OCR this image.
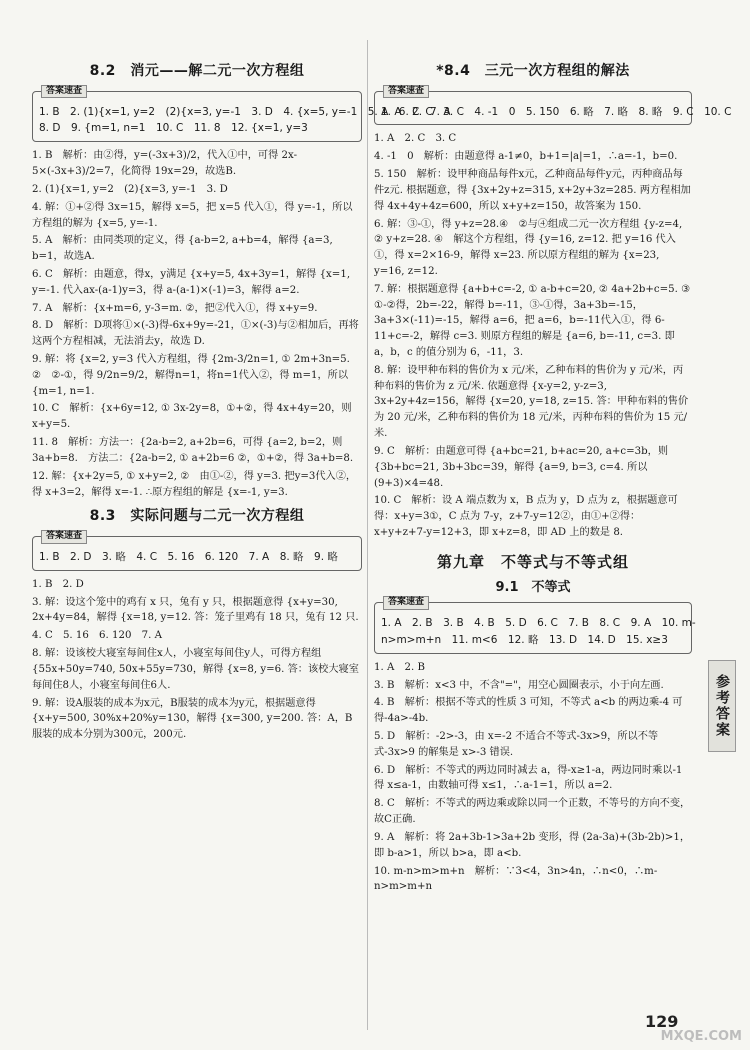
8.2　消元——解二元一次方程组
答案速查
1. B　2. (1){x=1, y=2　(2){x=3, y=-1　3. D　4. {x=5, y=-1　5. A　6. C　7. A
8. D　9. {m=1, n=1　10. C　11. 8　12. {x=1, y=3
1. B　解析：由②得，y=(-3x+3)/2，代入①中，可得 2x-5×(-3x+3)/2=7，化简得 19x=29，故选B.
2. (1){x=1, y=2　(2){x=3, y=-1　3. D
4. 解：①+②得 3x=15，解得 x=5，把 x=5 代入①，得 y=-1，所以方程组的解为 {x=5, y=-1.
5. A　解析：由同类项的定义，得 {a-b=2, a+b=4，解得 {a=3, b=1，故选A.
6. C　解析：由题意，得x，y满足 {x+y=5, 4x+3y=1，解得 {x=1, y=-1. 代入ax-(a-1)y=3，得 a-(a-1)×(-1)=3，解得 a=2.
7. A　解析：{x+m=6, y-3=m. ②，把②代入①，得 x+y=9.
8. D　解析：D项将①×(-3)得-6x+9y=-21，①×(-3)与②相加后，再将这两个方程相减，无法消去y，故选 D.
9. 解：将 {x=2, y=3 代入方程组，得 {2m-3/2n=1, ① 2m+3n=5. ②　②-①，得 9/2n=9/2，解得n=1，将n=1代入②，得 m=1，所以 {m=1, n=1.
10. C　解析：{x+6y=12, ① 3x-2y=8，①+②，得 4x+4y=20，则 x+y=5.
11. 8　解析：方法一：{2a-b=2, a+2b=6，可得 {a=2, b=2，则 3a+b=8.　方法二：{2a-b=2, ① a+2b=6 ②，①+②，得 3a+b=8.
12. 解：{x+2y=5, ① x+y=2, ②　由①-②，得 y=3. 把y=3代入②，得 x+3=2，解得 x=-1. ∴原方程组的解是 {x=-1, y=3.
8.3　实际问题与二元一次方程组
答案速查
1. B　2. D　3. 略　4. C　5. 16　6. 120　7. A　8. 略　9. 略
1. B　2. D
3. 解：设这个笼中的鸡有 x 只，兔有 y 只，根据题意得 {x+y=30, 2x+4y=84，解得 {x=18, y=12. 答：笼子里鸡有 18 只，兔有 12 只.
4. C　5. 16　6. 120　7. A
8. 解：设该校大寝室每间住x人，小寝室每间住y人，可得方程组 {55x+50y=740, 50x+55y=730，解得 {x=8, y=6. 答：该校大寝室每间住8人，小寝室每间住6人.
9. 解：设A服装的成本为x元，B服装的成本为y元，根据题意得 {x+y=500, 30%x+20%y=130，解得 {x=300, y=200. 答：A，B服装的成本分别为300元，200元.
*8.4　三元一次方程组的解法
答案速查
1. A　2. C　3. C　4. -1　0　5. 150　6. 略　7. 略　8. 略　9. C　10. C
1. A　2. C　3. C
4. -1　0　解析：由题意得 a-1≠0，b+1=|a|=1，∴a=-1，b=0.
5. 150　解析：设甲种商品每件x元，乙种商品每件y元，丙种商品每件z元. 根据题意，得 {3x+2y+z=315, x+2y+3z=285. 两方程相加得 4x+4y+4z=600，所以 x+y+z=150，故答案为 150.
6. 解：③-①，得 y+z=28.④　②与④组成二元一次方程组 {y-z=4, ② y+z=28. ④　解这个方程组，得 {y=16, z=12. 把 y=16 代入①，得 x=2×16-9，解得 x=23. 所以原方程组的解为 {x=23, y=16, z=12.
7. 解：根据题意得 {a+b+c=-2, ① a-b+c=20, ② 4a+2b+c=5. ③　①-②得，2b=-22，解得 b=-11，③-①得，3a+3b=-15，3a+3×(-11)=-15，解得 a=6，把 a=6，b=-11代入①，得 6-11+c=-2，解得 c=3. 则原方程组的解是 {a=6, b=-11, c=3. 即 a，b，c 的值分别为 6，-11，3.
8. 解：设甲种布料的售价为 x 元/米，乙种布料的售价为 y 元/米，丙种布料的售价为 z 元/米. 依题意得 {x-y=2, y-z=3, 3x+2y+4z=156，解得 {x=20, y=18, z=15. 答：甲种布料的售价为 20 元/米，乙种布料的售价为 18 元/米，丙种布料的售价为 15 元/米.
9. C　解析：由题意可得 {a+bc=21, b+ac=20, a+c=3b，则 {3b+bc=21, 3b+3bc=39，解得 {a=9, b=3, c=4. 所以 (9+3)×4=48.
10. C　解析：设 A 端点数为 x，B 点为 y，D 点为 z，根据题意可得：x+y=3①，C 点为 7-y，z+7-y=12②，由①+②得：x+y+z+7-y=12+3，即 x+z=8，即 AD 上的数是 8.
第九章　不等式与不等式组
9.1　不等式
答案速查
1. A　2. B　3. B　4. B　5. D　6. C　7. B　8. C　9. A　10. m-
n>m>m+n　11. m<6　12. 略　13. D　14. D　15. x≥3
1. A　2. B
3. B　解析：x<3 中，不含"="，用空心圆圈表示，小于向左画.
4. B　解析：根据不等式的性质 3 可知，不等式 a<b 的两边乘-4 可得-4a>-4b.
5. D　解析：-2>-3，由 x=-2 不适合不等式-3x>9，所以不等式-3x>9 的解集是 x>-3 错误.
6. D　解析：不等式的两边同时减去 a，得-x≥1-a，两边同时乘以-1 得 x≤a-1，由数轴可得 x≤1，∴a-1=1，所以 a=2.
8. C　解析：不等式的两边乘或除以同一个正数，不等号的方向不变，故C正确.
9. A　解析：将 2a+3b-1>3a+2b 变形，得 (2a-3a)+(3b-2b)>1，即 b-a>1，所以 b>a，即 a<b.
10. m-n>m>m+n　解析：∵3<4，3n>4n，∴n<0，∴m-n>m>m+n
参考答案
129
MXQE.COM
